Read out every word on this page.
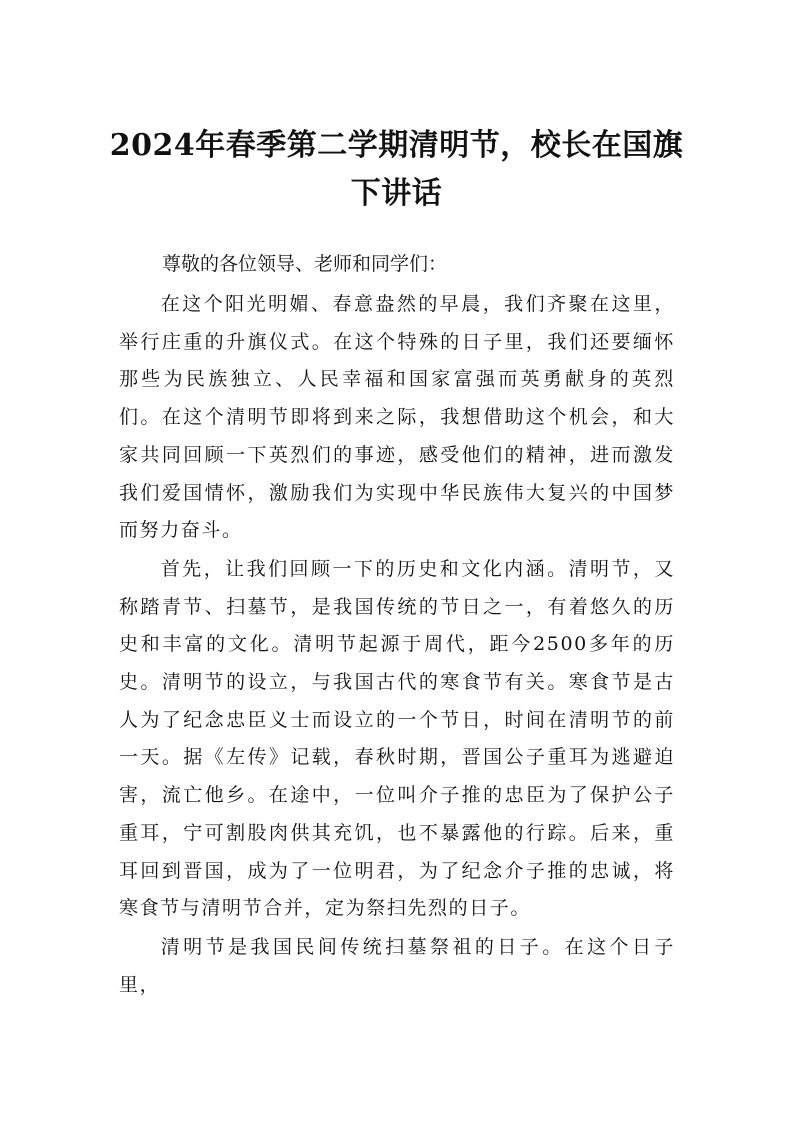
2024年春季第二学期清明节，校长在国旗下讲话
尊敬的各位领导、老师和同学们：

在这个阳光明媚、春意盎然的早晨，我们齐聚在这里，举行庄重的升旗仪式。在这个特殊的日子里，我们还要缅怀那些为民族独立、人民幸福和国家富强而英勇献身的英烈们。在这个清明节即将到来之际，我想借助这个机会，和大家共同回顾一下英烈们的事迹，感受他们的精神，进而激发我们爱国情怀，激励我们为实现中华民族伟大复兴的中国梦而努力奋斗。

首先，让我们回顾一下的历史和文化内涵。清明节，又称踏青节、扫墓节，是我国传统的节日之一，有着悠久的历史和丰富的文化。清明节起源于周代，距今2500多年的历史。清明节的设立，与我国古代的寒食节有关。寒食节是古人为了纪念忠臣义士而设立的一个节日，时间在清明节的前一天。据《左传》记载，春秋时期，晋国公子重耳为逃避迫害，流亡他乡。在途中，一位叫介子推的忠臣为了保护公子重耳，宁可割股肉供其充饥，也不暴露他的行踪。后来，重耳回到晋国，成为了一位明君，为了纪念介子推的忠诚，将寒食节与清明节合并，定为祭扫先烈的日子。

清明节是我国民间传统扫墓祭祖的日子。在这个日子里，
